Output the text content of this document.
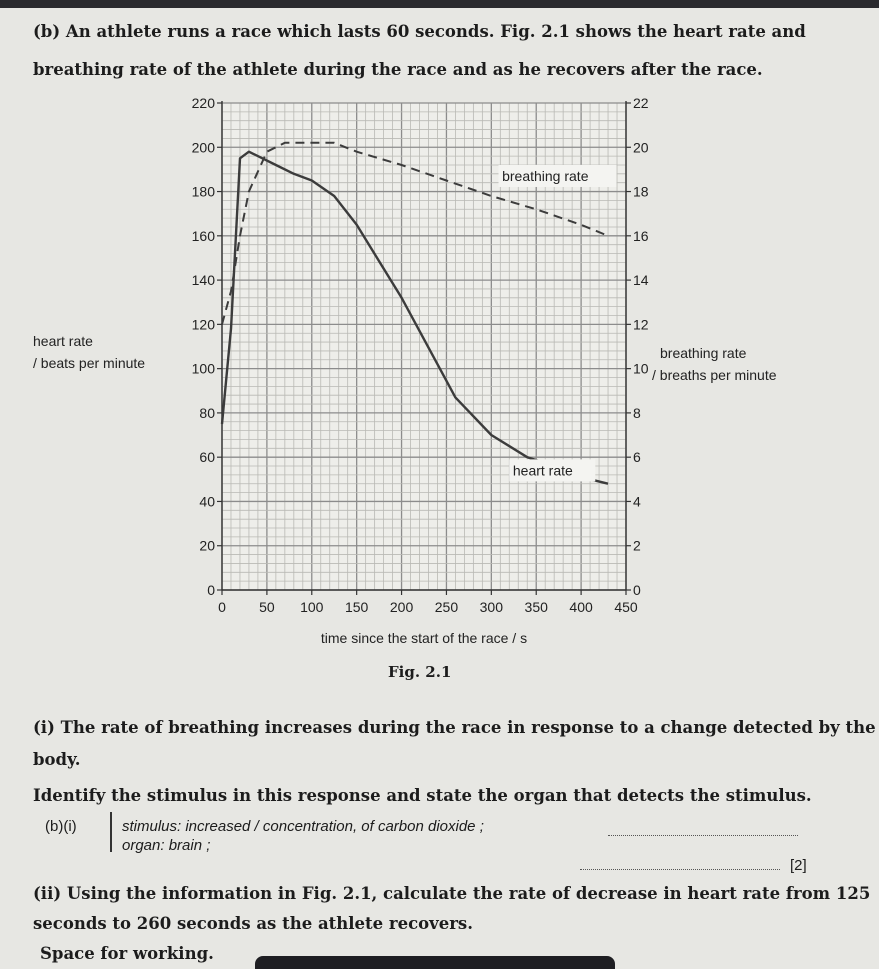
(b) An athlete runs a race which lasts 60 seconds. Fig. 2.1 shows the heart rate and
breathing rate of the athlete during the race and as he recovers after the race.
0 50 100 150 200 250 300 350 400 450
0
20
40
60
80
100
120
140
160
180
200
220
0
2
4
6
8
10
12
14
16
18
20
22
heart rate
breathing rate
heart rate
/ beats per minute
breathing rate
/ breaths per minute
time since the start of the race / s
Fig. 2.1
(i) The rate of breathing increases during the race in response to a change detected by the
body.
Identify the stimulus in this response and state the organ that detects the stimulus.
(b)(i)	stimulus: increased / concentration, of carbon dioxide ;
organ: brain ;
[2]
(ii) Using the information in Fig. 2.1, calculate the rate of decrease in heart rate from 125
seconds to 260 seconds as the athlete recovers.
Space for working.
